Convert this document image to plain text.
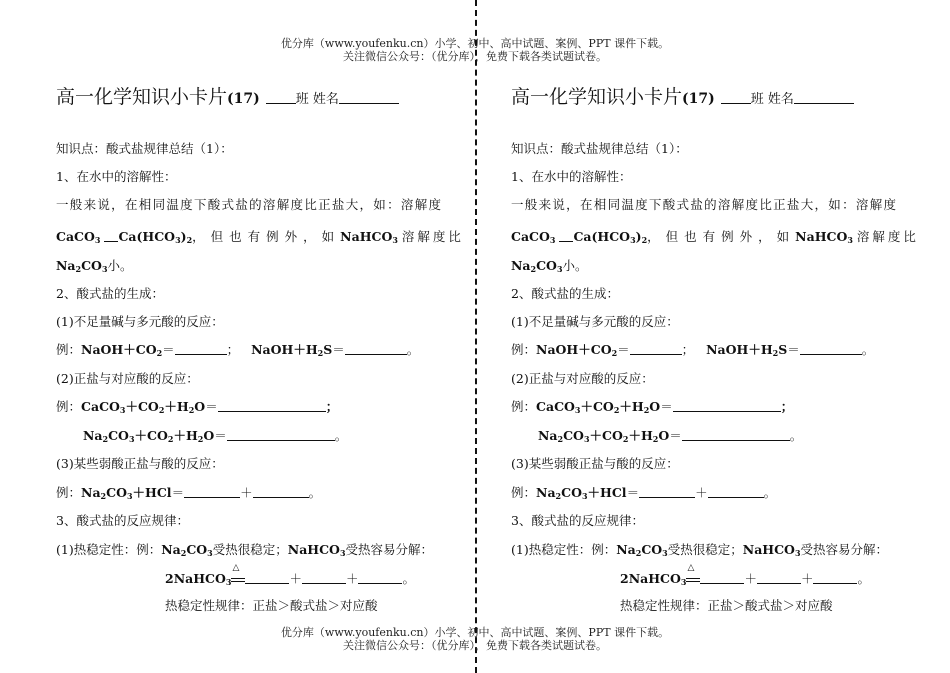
优分库（www.youfenku.cn）小学、初中、高中试题、案例、PPT 课件下载。
关注微信公众号：（优分库），免费下载各类试题试卷。
高一化学知识小卡片(17)	班 姓名
知识点：酸式盐规律总结（1）：
1、在水中的溶解性：
一般来说，在相同温度下酸式盐的溶解度比正盐大，如：溶解度
CaCO$_3$ $Ca(HCO_3)_2$，但也有例外，如NaHCO$_3$ 溶解度比
$Na_2CO_3$小。
2、酸式盐的生成：
(1)不足量碱与多元酸的反应：
例：$NaOH+CO_2=$	； $NaOH+H_2S=$	。
(2)正盐与对应酸的反应：
例：$CaCO_3+CO_2+H_2O=$	；
$Na_2CO_3+CO_2+H_2O=$	。
(3)某些弱酸正盐与酸的反应：
例：$Na_2CO_3+HCl=$	＋	。
3、酸式盐的反应规律：
(1)热稳定性：例：$Na_2CO_3$受热很稳定；NaHCO$_3$受热容易分解：
2NaHCO$_3$
△
＋	＋	。
热稳定性规律：正盐＞酸式盐＞对应酸
高一化学知识小卡片(17)	班 姓名
知识点：酸式盐规律总结（1）：
1、在水中的溶解性：
一般来说，在相同温度下酸式盐的溶解度比正盐大，如：溶解度
CaCO$_3$ $Ca(HCO_3)_2$，但也有例外，如NaHCO$_3$ 溶解度比
$Na_2CO_3$小。
2、酸式盐的生成：
(1)不足量碱与多元酸的反应：
例：$NaOH+CO_2=$	； $NaOH+H_2S=$	。
(2)正盐与对应酸的反应：
例：$CaCO_3+CO_2+H_2O=$	；
$Na_2CO_3+CO_2+H_2O=$	。
(3)某些弱酸正盐与酸的反应：
例：$Na_2CO_3+HCl=$	＋	。
3、酸式盐的反应规律：
(1)热稳定性：例：$Na_2CO_3$受热很稳定；NaHCO$_3$受热容易分解：
2NaHCO$_3$
△
＋	＋	。
热稳定性规律：正盐＞酸式盐＞对应酸
优分库（www.youfenku.cn）小学、初中、高中试题、案例、PPT 课件下载。
关注微信公众号：（优分库），免费下载各类试题试卷。
